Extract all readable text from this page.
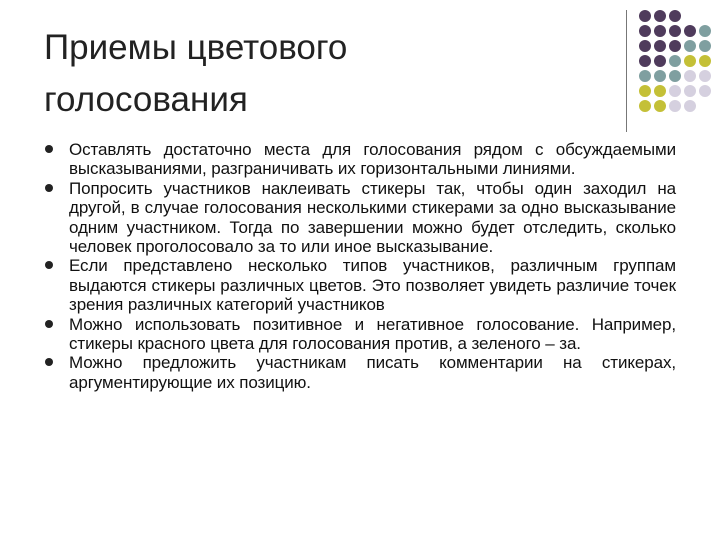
Приемы цветового
голосования
Оставлять достаточно места для голосования рядом с обсуждаемыми высказываниями, разграничивать их горизонтальными линиями.
Попросить участников наклеивать стикеры так, чтобы один заходил на другой, в случае голосования несколькими стикерами за одно высказывание одним участником. Тогда по завершении можно будет отследить, сколько человек проголосовало за то или иное высказывание.
Если представлено несколько типов участников, различным группам выдаются стикеры различных цветов. Это позволяет увидеть различие точек зрения различных категорий участников
Можно использовать позитивное и негативное голосование. Например, стикеры красного цвета для голосования против, а зеленого – за.
Можно предложить участникам писать комментарии на стикерах, аргументирующие их позицию.
